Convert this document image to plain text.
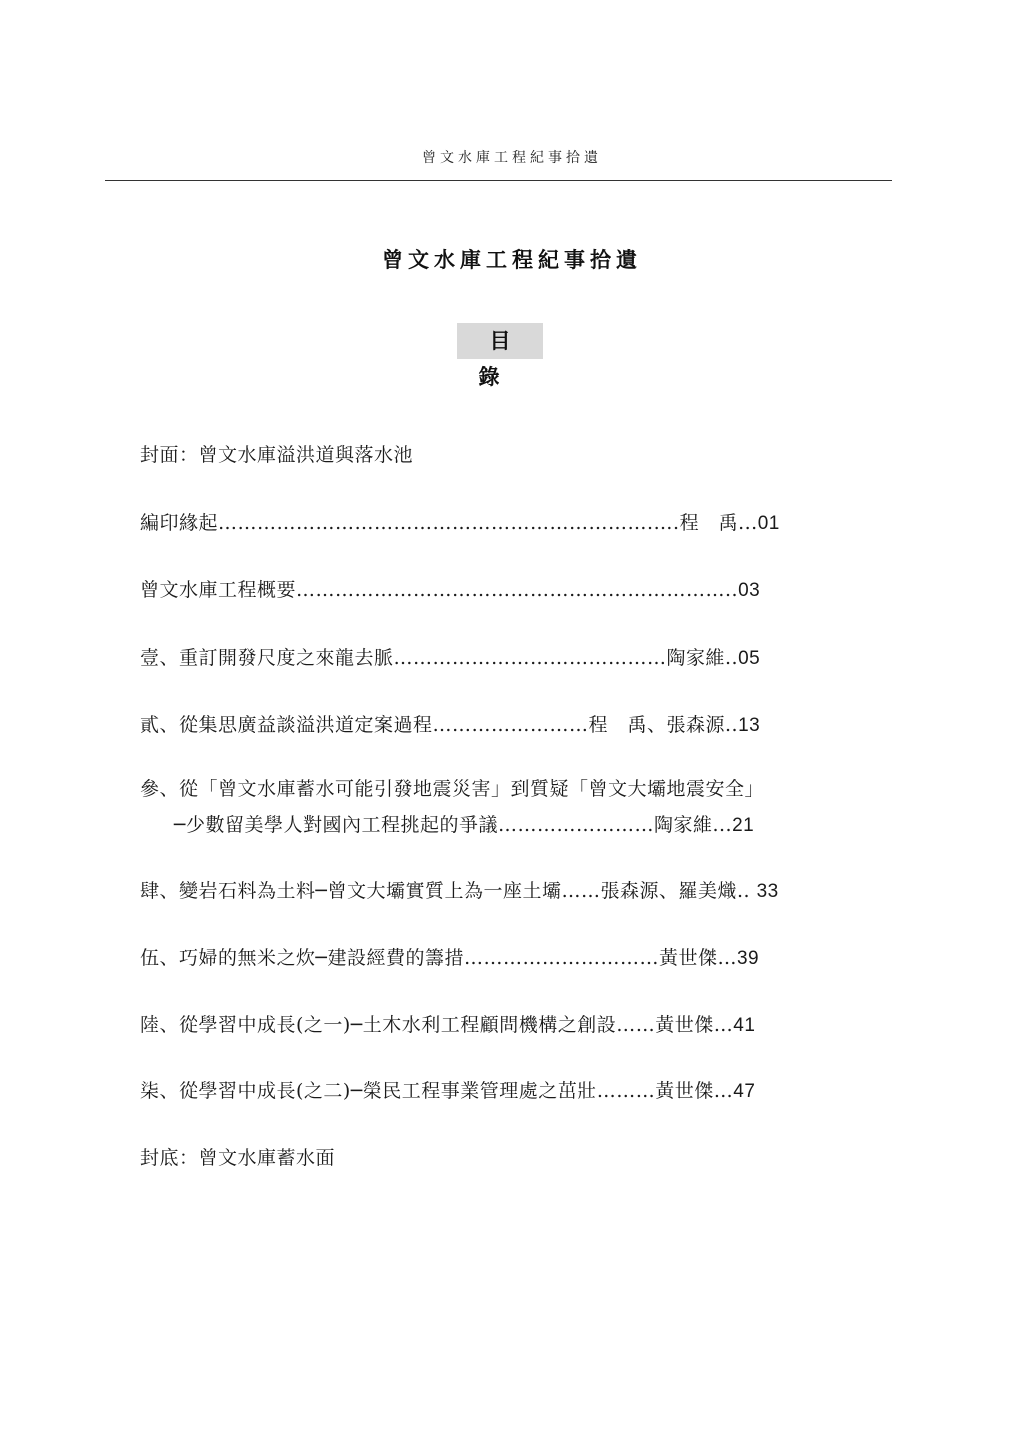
曾文水庫工程紀事拾遺
曾文水庫工程紀事拾遺
目 錄
封面：曾文水庫溢洪道與落水池
編印緣起………………………………………………………….….程　禹...01
曾文水庫工程概要…………………………………………………………..03
壹、重訂開發尺度之來龍去脈……………………………………陶家維..05
貳、從集思廣益談溢洪道定案過程……………………程　禹、張森源..13
參、從「曾文水庫蓄水可能引發地震災害」到質疑「曾文大壩地震安全」
─少數留美學人對國內工程挑起的爭議……………………陶家維...21
肆、變岩石料為土料─曾文大壩實質上為一座土壩……張森源、羅美熾.. 33
伍、巧婦的無米之炊─建設經費的籌措…………………………黃世傑…39
陸、從學習中成長(之一)─土木水利工程顧問機構之創設……黃世傑…41
柒、從學習中成長(之二)─榮民工程事業管理處之茁壯………黃世傑…47
封底：曾文水庫蓄水面
